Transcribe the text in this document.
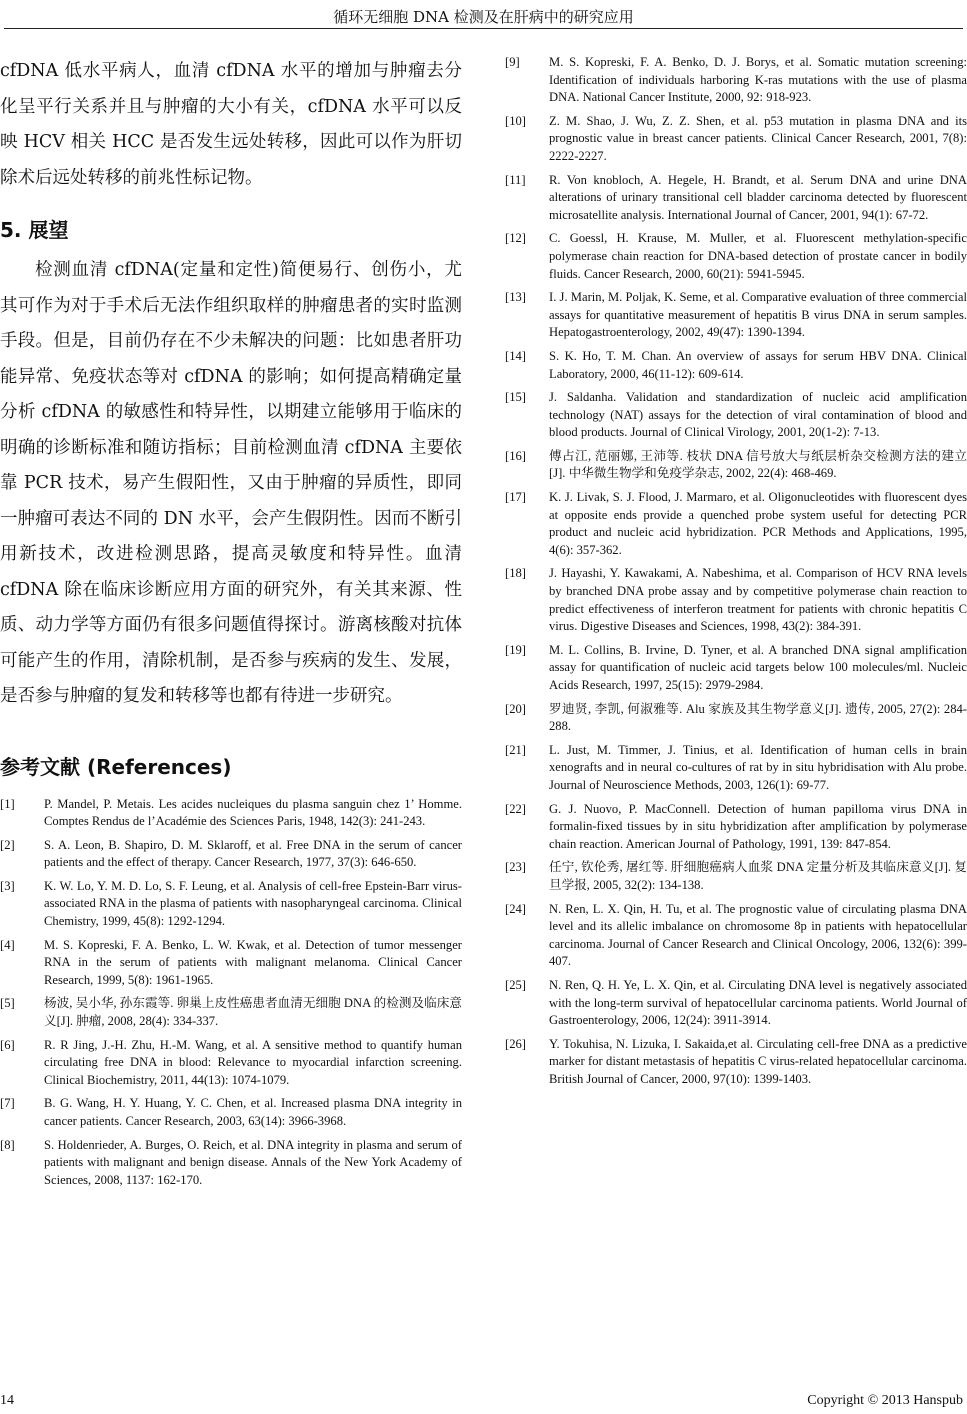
循环无细胞 DNA 检测及在肝病中的研究应用

cfDNA 低水平病人，血清 cfDNA 水平的增加与肿瘤去分化呈平行关系并且与肿瘤的大小有关，cfDNA 水平可以反映 HCV 相关 HCC 是否发生远处转移，因此可以作为肝切除术后远处转移的前兆性标记物。

5. 展望

检测血清 cfDNA(定量和定性)简便易行、创伤小，尤其可作为对于手术后无法作组织取样的肿瘤患者的实时监测手段。但是，目前仍存在不少未解决的问题：比如患者肝功能异常、免疫状态等对 cfDNA 的影响；如何提高精确定量分析 cfDNA 的敏感性和特异性，以期建立能够用于临床的明确的诊断标准和随访指标；目前检测血清 cfDNA 主要依靠 PCR 技术，易产生假阳性，又由于肿瘤的异质性，即同一肿瘤可表达不同的 DN 水平，会产生假阴性。因而不断引用新技术，改进检测思路，提高灵敏度和特异性。血清 cfDNA 除在临床诊断应用方面的研究外，有关其来源、性质、动力学等方面仍有很多问题值得探讨。游离核酸对抗体可能产生的作用，清除机制，是否参与疾病的发生、发展，是否参与肿瘤的复发和转移等也都有待进一步研究。

参考文献 (References)
[1]	P. Mandel, P. Metais. Les acides nucleiques du plasma sanguin chez 1’ Homme. Comptes Rendus de l’Académie des Sciences Paris, 1948, 142(3): 241-243.
[2]	S. A. Leon, B. Shapiro, D. M. Sklaroff, et al. Free DNA in the serum of cancer patients and the effect of therapy. Cancer Research, 1977, 37(3): 646-650.
[3]	K. W. Lo, Y. M. D. Lo, S. F. Leung, et al. Analysis of cell-free Epstein-Barr virus-associated RNA in the plasma of patients with nasopharyngeal carcinoma. Clinical Chemistry, 1999, 45(8): 1292-1294.
[4]	M. S. Kopreski, F. A. Benko, L. W. Kwak, et al. Detection of tumor messenger RNA in the serum of patients with malignant melanoma. Clinical Cancer Research, 1999, 5(8): 1961-1965.
[5]	杨波, 吴小华, 孙东霞等. 卵巢上皮性癌患者血清无细胞 DNA 的检测及临床意义[J]. 肿瘤, 2008, 28(4): 334-337.
[6]	R. R Jing, J.-H. Zhu, H.-M. Wang, et al. A sensitive method to quantify human circulating free DNA in blood: Relevance to myocardial infarction screening. Clinical Biochemistry, 2011, 44(13): 1074-1079.
[7]	B. G. Wang, H. Y. Huang, Y. C. Chen, et al. Increased plasma DNA integrity in cancer patients. Cancer Research, 2003, 63(14): 3966-3968.
[8]	S. Holdenrieder, A. Burges, O. Reich, et al. DNA integrity in plasma and serum of patients with malignant and benign disease. Annals of the New York Academy of Sciences, 2008, 1137: 162-170.
[9]	M. S. Kopreski, F. A. Benko, D. J. Borys, et al. Somatic mutation screening: Identification of individuals harboring K-ras mutations with the use of plasma DNA. National Cancer Institute, 2000, 92: 918-923.
[10]	Z. M. Shao, J. Wu, Z. Z. Shen, et al. p53 mutation in plasma DNA and its prognostic value in breast cancer patients. Clinical Cancer Research, 2001, 7(8): 2222-2227.
[11]	R. Von knobloch, A. Hegele, H. Brandt, et al. Serum DNA and urine DNA alterations of urinary transitional cell bladder carcinoma detected by fluorescent microsatellite analysis. International Journal of Cancer, 2001, 94(1): 67-72.
[12]	C. Goessl, H. Krause, M. Muller, et al. Fluorescent methylation-specific polymerase chain reaction for DNA-based detection of prostate cancer in bodily fluids. Cancer Research, 2000, 60(21): 5941-5945.
[13]	I. J. Marin, M. Poljak, K. Seme, et al. Comparative evaluation of three commercial assays for quantitative measurement of hepatitis B virus DNA in serum samples. Hepatogastroenterology, 2002, 49(47): 1390-1394.
[14]	S. K. Ho, T. M. Chan. An overview of assays for serum HBV DNA. Clinical Laboratory, 2000, 46(11-12): 609-614.
[15]	J. Saldanha. Validation and standardization of nucleic acid amplification technology (NAT) assays for the detection of viral contamination of blood and blood products. Journal of Clinical Virology, 2001, 20(1-2): 7-13.
[16]	傅占江, 范丽娜, 王沛等. 枝状 DNA 信号放大与纸层析杂交检测方法的建立[J]. 中华微生物学和免疫学杂志, 2002, 22(4): 468-469.
[17]	K. J. Livak, S. J. Flood, J. Marmaro, et al. Oligonucleotides with fluorescent dyes at opposite ends provide a quenched probe system useful for detecting PCR product and nucleic acid hybridization. PCR Methods and Applications, 1995, 4(6): 357-362.
[18]	J. Hayashi, Y. Kawakami, A. Nabeshima, et al. Comparison of HCV RNA levels by branched DNA probe assay and by competitive polymerase chain reaction to predict effectiveness of interferon treatment for patients with chronic hepatitis C virus. Digestive Diseases and Sciences, 1998, 43(2): 384-391.
[19]	M. L. Collins, B. Irvine, D. Tyner, et al. A branched DNA signal amplification assay for quantification of nucleic acid targets below 100 molecules/ml. Nucleic Acids Research, 1997, 25(15): 2979-2984.
[20]	罗迪贤, 李凯, 何淑雅等. Alu 家族及其生物学意义[J]. 遗传, 2005, 27(2): 284-288.
[21]	L. Just, M. Timmer, J. Tinius, et al. Identification of human cells in brain xenografts and in neural co-cultures of rat by in situ hybridisation with Alu probe. Journal of Neuroscience Methods, 2003, 126(1): 69-77.
[22]	G. J. Nuovo, P. MacConnell. Detection of human papilloma virus DNA in formalin-fixed tissues by in situ hybridization after amplification by polymerase chain reaction. American Journal of Pathology, 1991, 139: 847-854.
[23]	任宁, 钦伦秀, 屠红等. 肝细胞癌病人血浆 DNA 定量分析及其临床意义[J]. 复旦学报, 2005, 32(2): 134-138.
[24]	N. Ren, L. X. Qin, H. Tu, et al. The prognostic value of circulating plasma DNA level and its allelic imbalance on chromosome 8p in patients with hepatocellular carcinoma. Journal of Cancer Research and Clinical Oncology, 2006, 132(6): 399-407.
[25]	N. Ren, Q. H. Ye, L. X. Qin, et al. Circulating DNA level is negatively associated with the long-term survival of hepatocellular carcinoma patients. World Journal of Gastroenterology, 2006, 12(24): 3911-3914.
[26]	Y. Tokuhisa, N. Lizuka, I. Sakaida,et al. Circulating cell-free DNA as a predictive marker for distant metastasis of hepatitis C virus-related hepatocellular carcinoma. British Journal of Cancer, 2000, 97(10): 1399-1403.
14	Copyright © 2013 Hanspub
